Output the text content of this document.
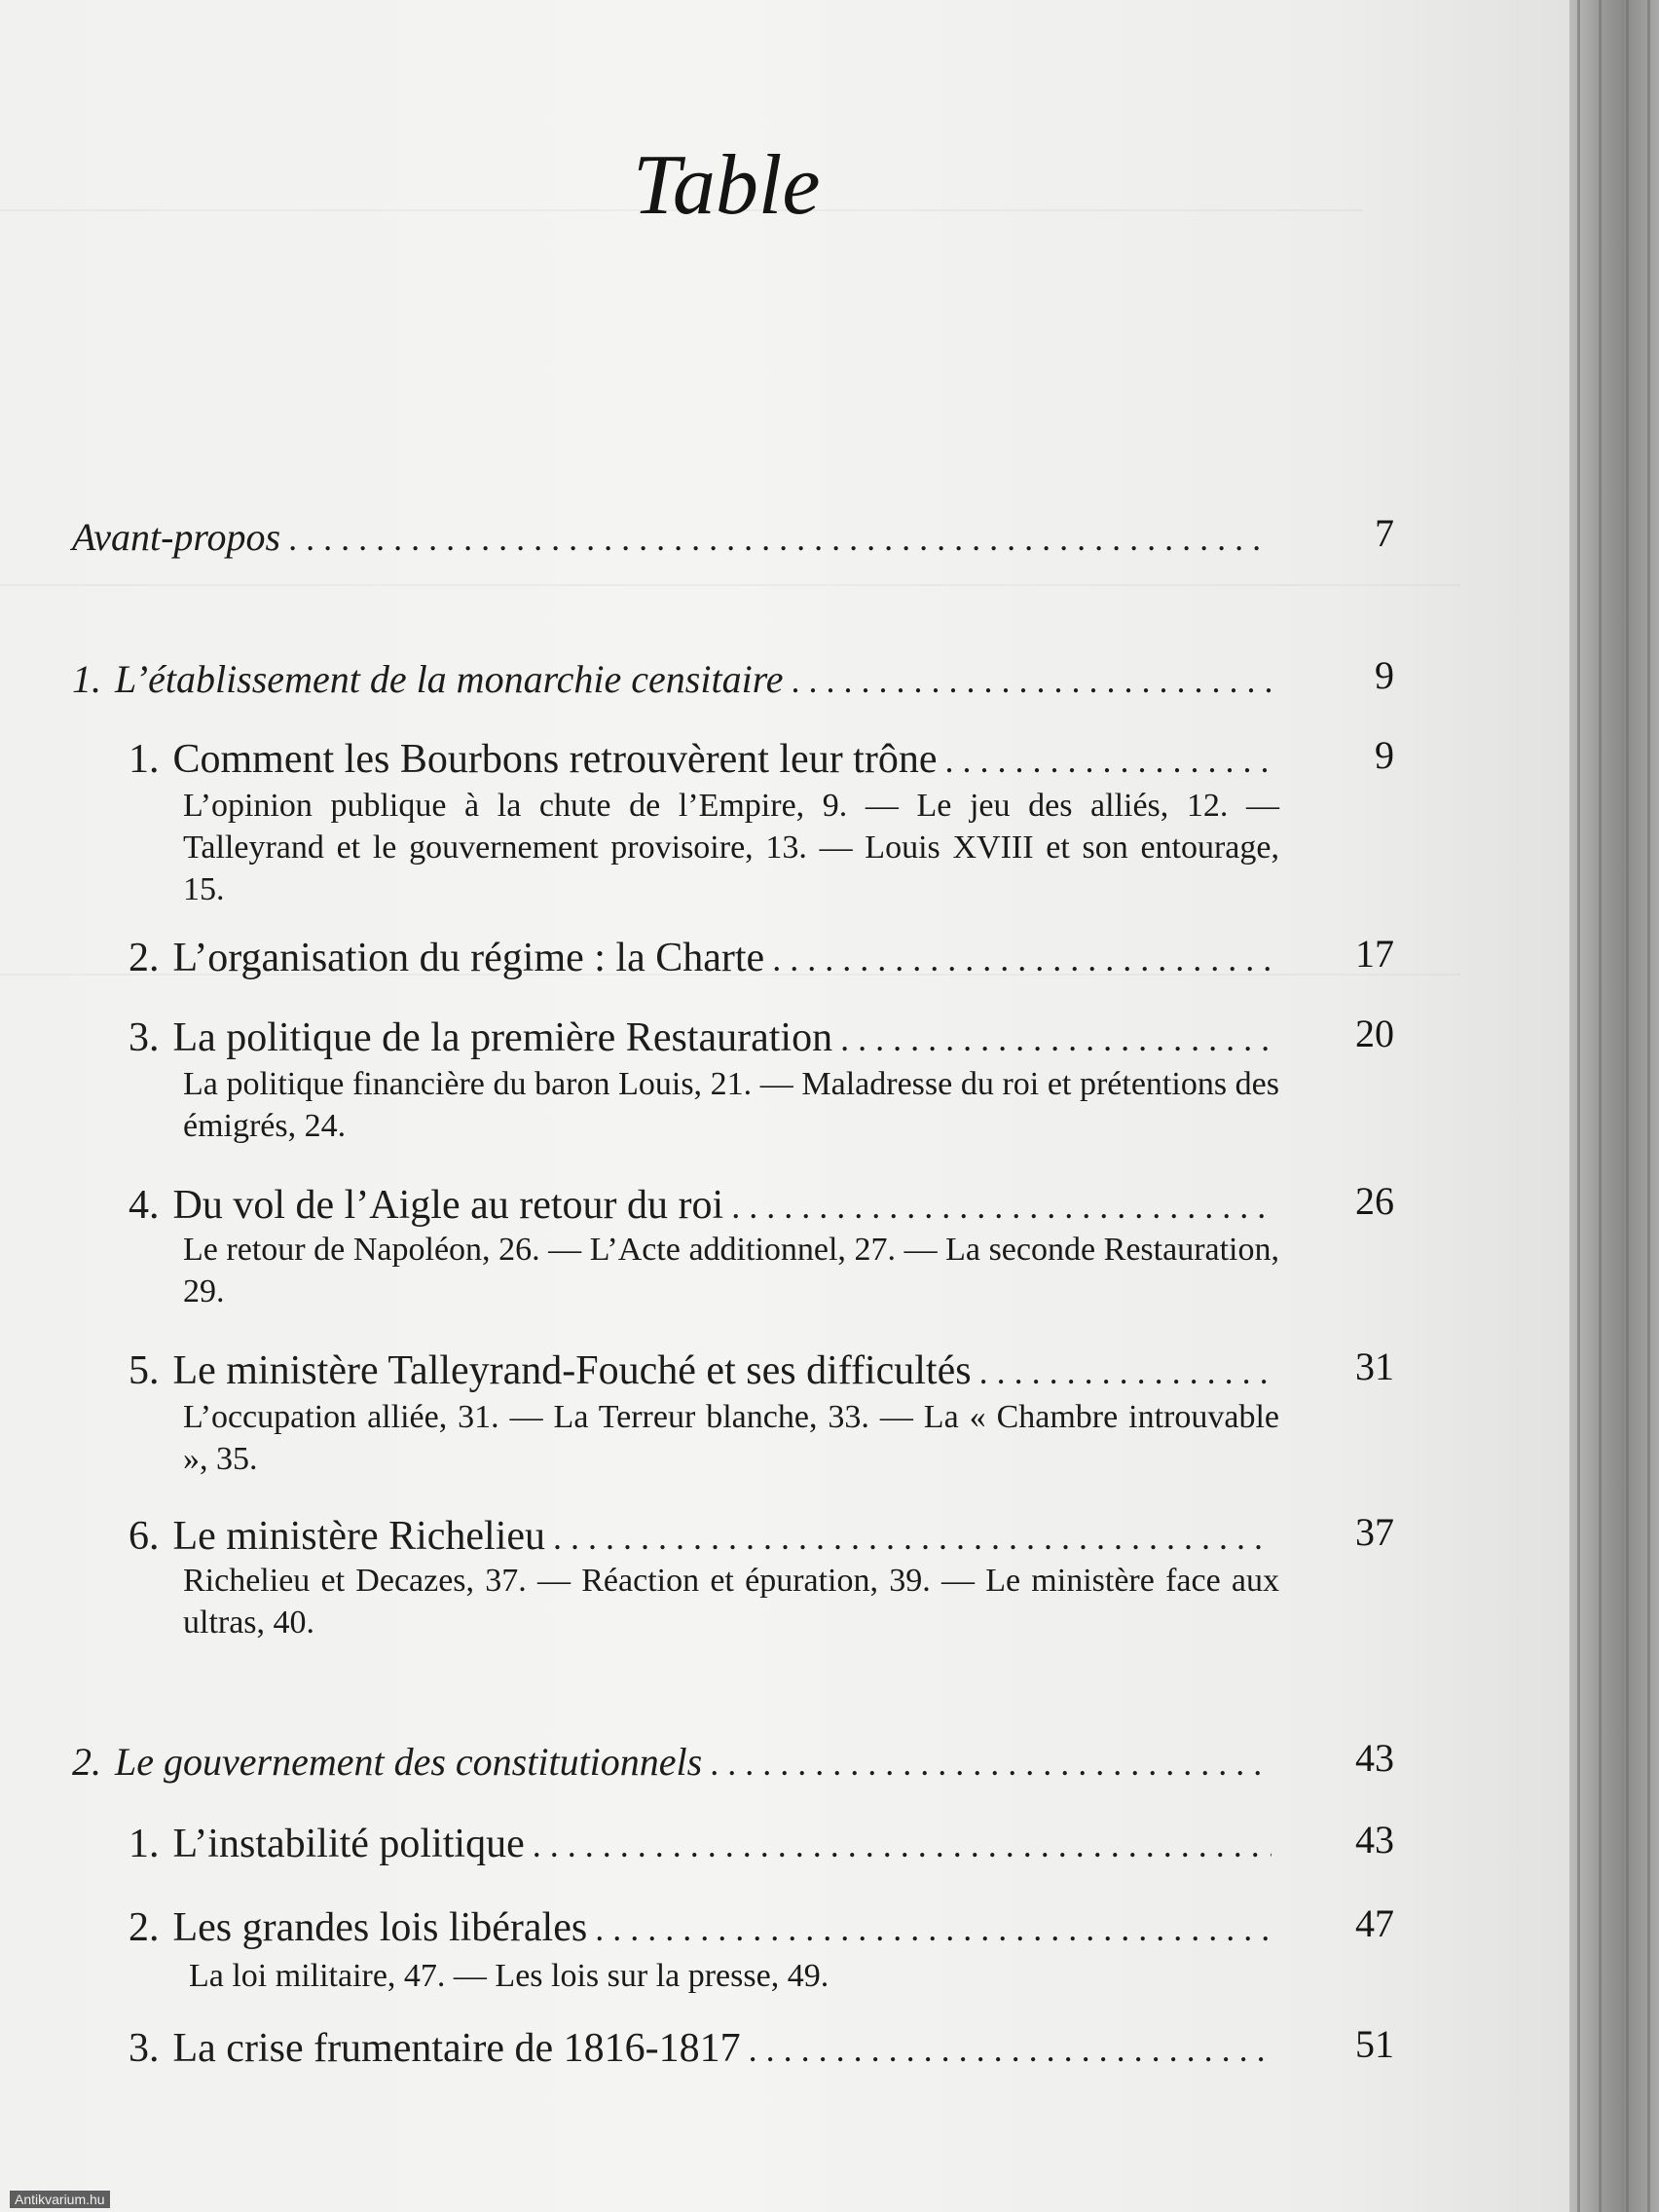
Table
Avant-propos . . .	7
1. L’établissement de la monarchie censitaire . . .	9
1. Comment les Bourbons retrouvèrent leur trône . . .	9
L’opinion publique à la chute de l’Empire, 9. — Le jeu des alliés, 12. — Talleyrand et le gouvernement provisoire, 13. — Louis XVIII et son entourage, 15.
2. L’organisation du régime : la Charte . . .	17
3. La politique de la première Restauration . . .	20
La politique financière du baron Louis, 21. — Maladresse du roi et prétentions des émigrés, 24.
4. Du vol de l’Aigle au retour du roi . . .	26
Le retour de Napoléon, 26. — L’Acte additionnel, 27. — La seconde Restauration, 29.
5. Le ministère Talleyrand-Fouché et ses difficultés . . .	31
L’occupation alliée, 31. — La Terreur blanche, 33. — La « Chambre introuvable », 35.
6. Le ministère Richelieu . . .	37
Richelieu et Decazes, 37. — Réaction et épuration, 39. — Le ministère face aux ultras, 40.
2. Le gouvernement des constitutionnels . . .	43
1. L’instabilité politique . . .	43
2. Les grandes lois libérales . . .	47
La loi militaire, 47. — Les lois sur la presse, 49.
3. La crise frumentaire de 1816-1817 . . .	51
Antikvarium.hu
